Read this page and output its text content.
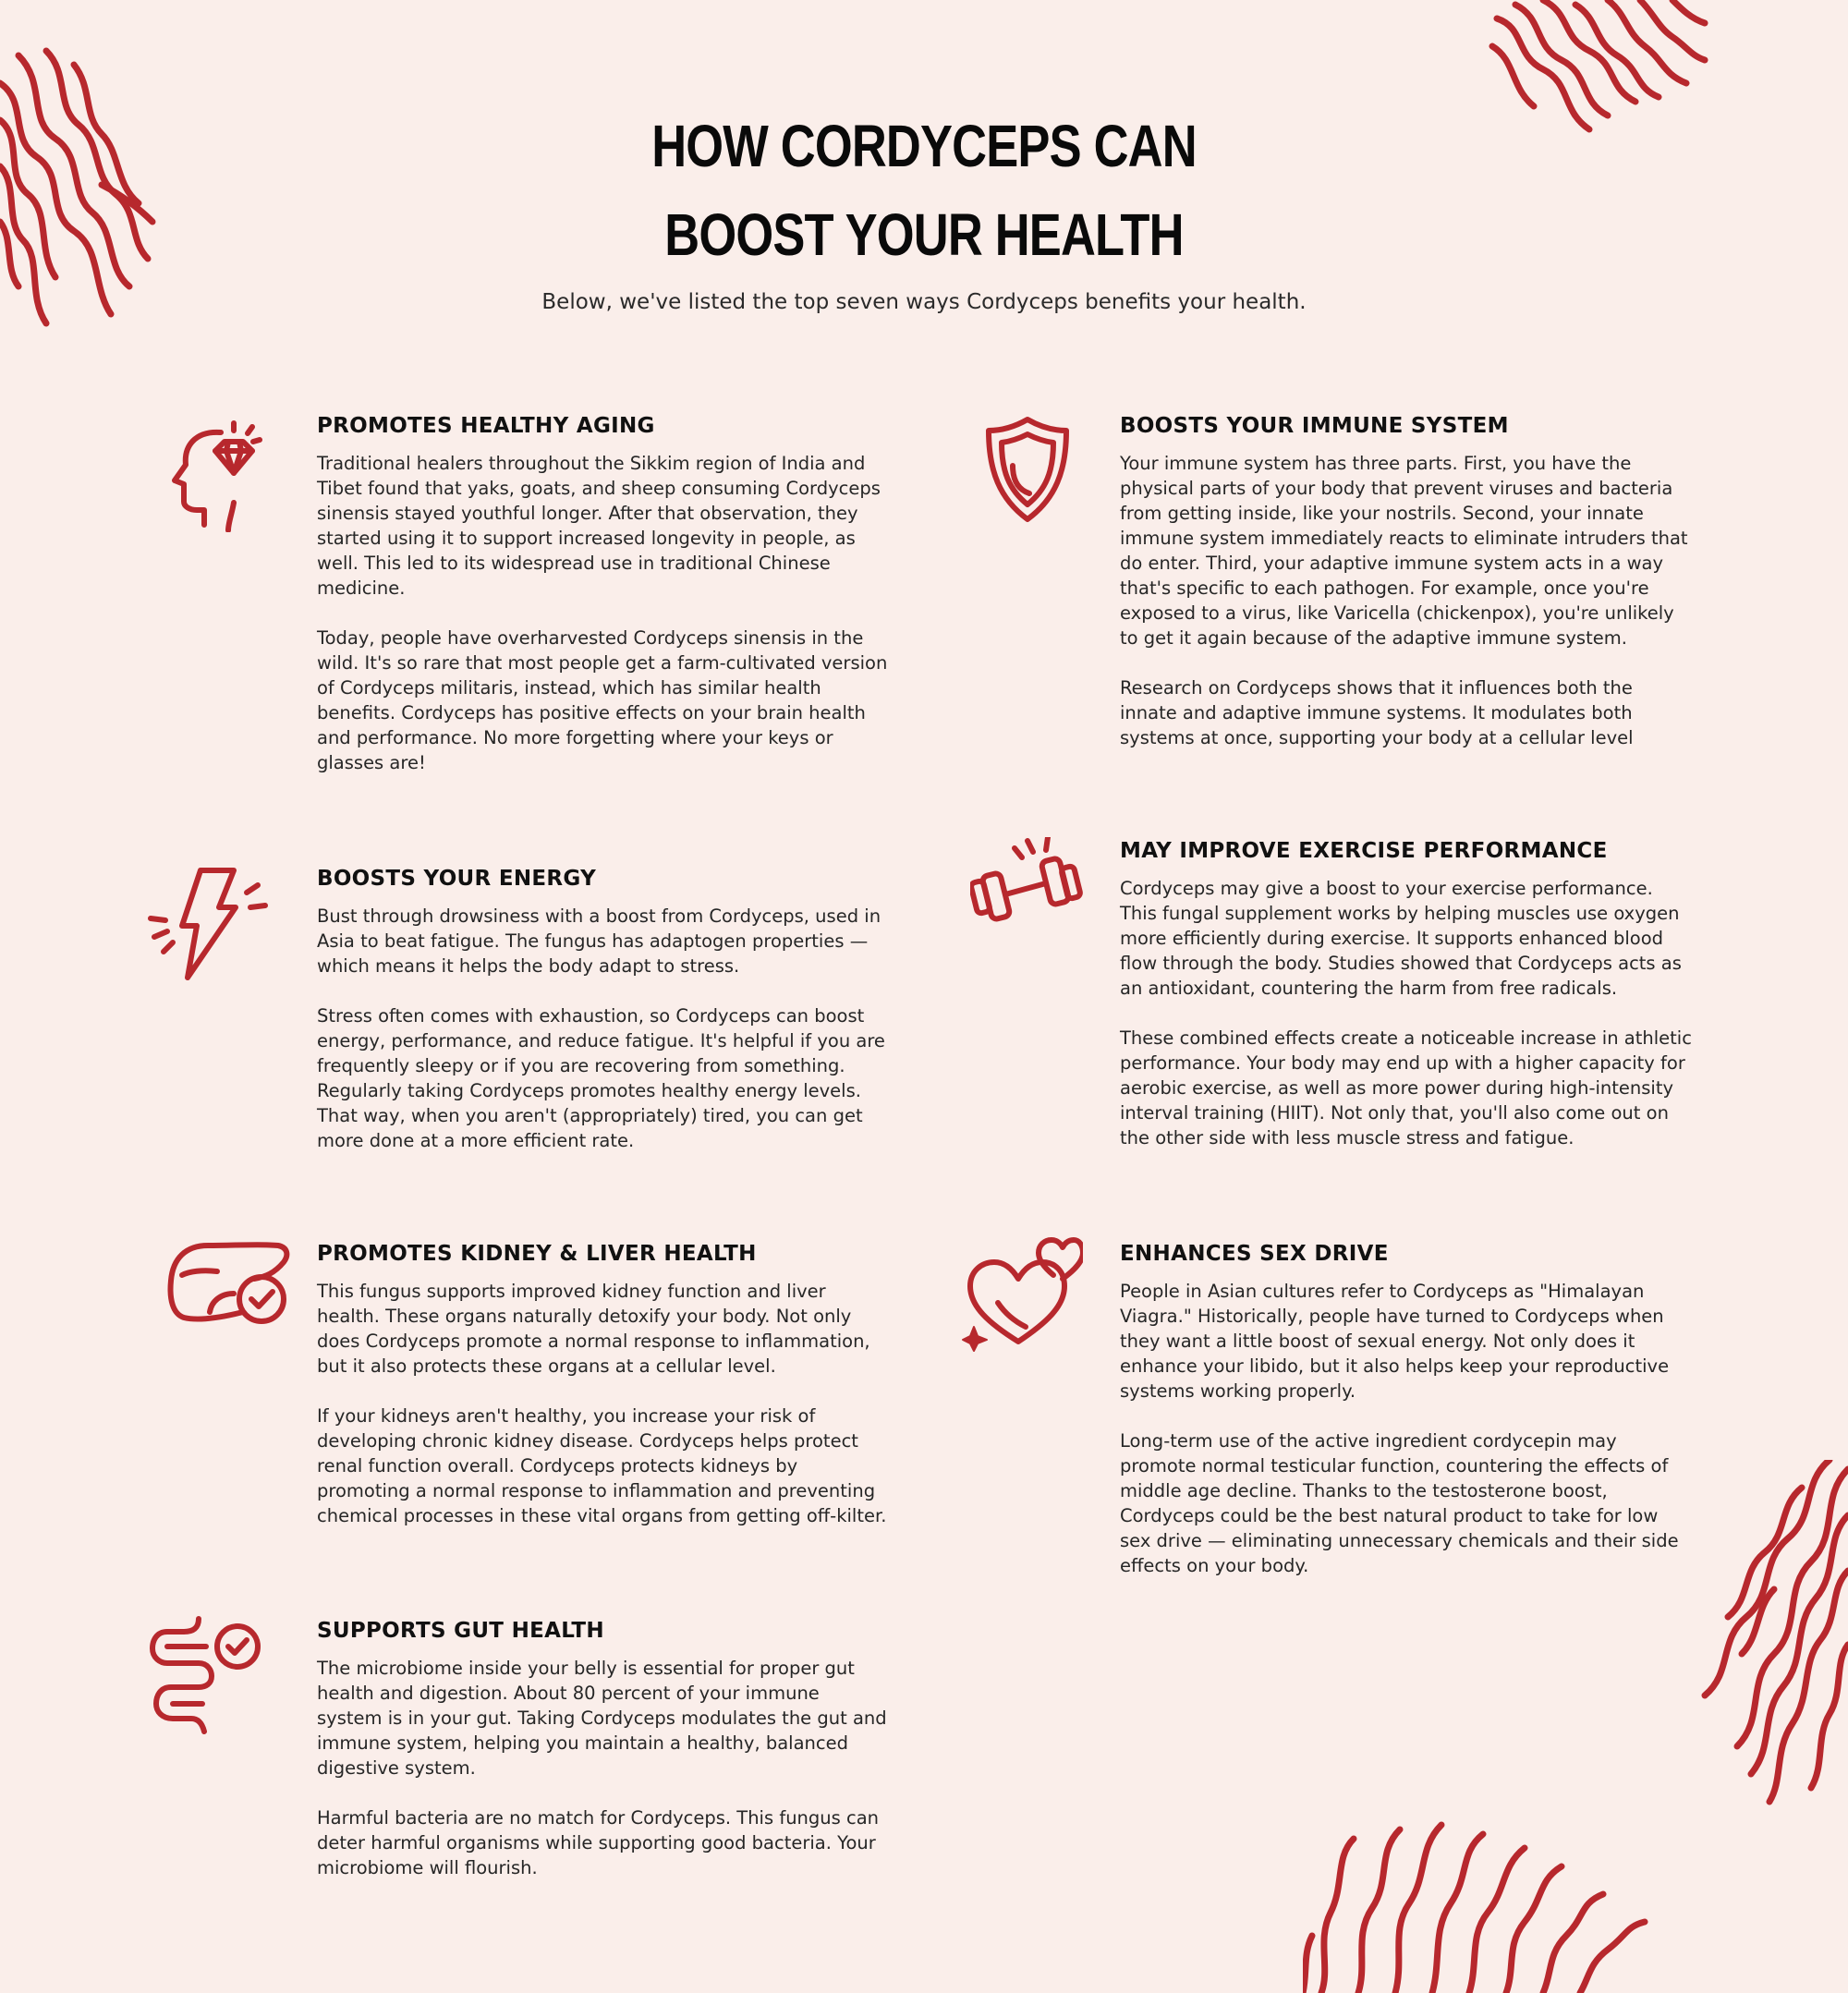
HOW CORDYCEPS CAN
BOOST YOUR HEALTH

Below, we've listed the top seven ways Cordyceps benefits your health.

PROMOTES HEALTHY AGING

Traditional healers throughout the Sikkim region of India and Tibet found that yaks, goats, and sheep consuming Cordyceps sinensis stayed youthful longer. After that observation, they started using it to support increased longevity in people, as well. This led to its widespread use in traditional Chinese medicine.

Today, people have overharvested Cordyceps sinensis in the wild. It's so rare that most people get a farm-cultivated version of Cordyceps militaris, instead, which has similar health benefits. Cordyceps has positive effects on your brain health and performance. No more forgetting where your keys or glasses are!

BOOSTS YOUR IMMUNE SYSTEM

Your immune system has three parts. First, you have the physical parts of your body that prevent viruses and bacteria from getting inside, like your nostrils. Second, your innate immune system immediately reacts to eliminate intruders that do enter. Third, your adaptive immune system acts in a way that's specific to each pathogen. For example, once you're exposed to a virus, like Varicella (chickenpox), you're unlikely to get it again because of the adaptive immune system.

Research on Cordyceps shows that it influences both the innate and adaptive immune systems. It modulates both systems at once, supporting your body at a cellular level

BOOSTS YOUR ENERGY

Bust through drowsiness with a boost from Cordyceps, used in Asia to beat fatigue. The fungus has adaptogen properties — which means it helps the body adapt to stress.

Stress often comes with exhaustion, so Cordyceps can boost energy, performance, and reduce fatigue. It's helpful if you are frequently sleepy or if you are recovering from something. Regularly taking Cordyceps promotes healthy energy levels. That way, when you aren't (appropriately) tired, you can get more done at a more efficient rate.

MAY IMPROVE EXERCISE PERFORMANCE

Cordyceps may give a boost to your exercise performance. This fungal supplement works by helping muscles use oxygen more efficiently during exercise. It supports enhanced blood flow through the body. Studies showed that Cordyceps acts as an antioxidant, countering the harm from free radicals.

These combined effects create a noticeable increase in athletic performance. Your body may end up with a higher capacity for aerobic exercise, as well as more power during high-intensity interval training (HIIT). Not only that, you'll also come out on the other side with less muscle stress and fatigue.

PROMOTES KIDNEY & LIVER HEALTH

This fungus supports improved kidney function and liver health. These organs naturally detoxify your body. Not only does Cordyceps promote a normal response to inflammation, but it also protects these organs at a cellular level.

If your kidneys aren't healthy, you increase your risk of developing chronic kidney disease. Cordyceps helps protect renal function overall. Cordyceps protects kidneys by promoting a normal response to inflammation and preventing chemical processes in these vital organs from getting off-kilter.

ENHANCES SEX DRIVE

People in Asian cultures refer to Cordyceps as "Himalayan Viagra." Historically, people have turned to Cordyceps when they want a little boost of sexual energy. Not only does it enhance your libido, but it also helps keep your reproductive systems working properly.

Long-term use of the active ingredient cordycepin may promote normal testicular function, countering the effects of middle age decline. Thanks to the testosterone boost, Cordyceps could be the best natural product to take for low sex drive — eliminating unnecessary chemicals and their side effects on your body.

SUPPORTS GUT HEALTH

The microbiome inside your belly is essential for proper gut health and digestion. About 80 percent of your immune system is in your gut. Taking Cordyceps modulates the gut and immune system, helping you maintain a healthy, balanced digestive system.

Harmful bacteria are no match for Cordyceps. This fungus can deter harmful organisms while supporting good bacteria. Your microbiome will flourish.
